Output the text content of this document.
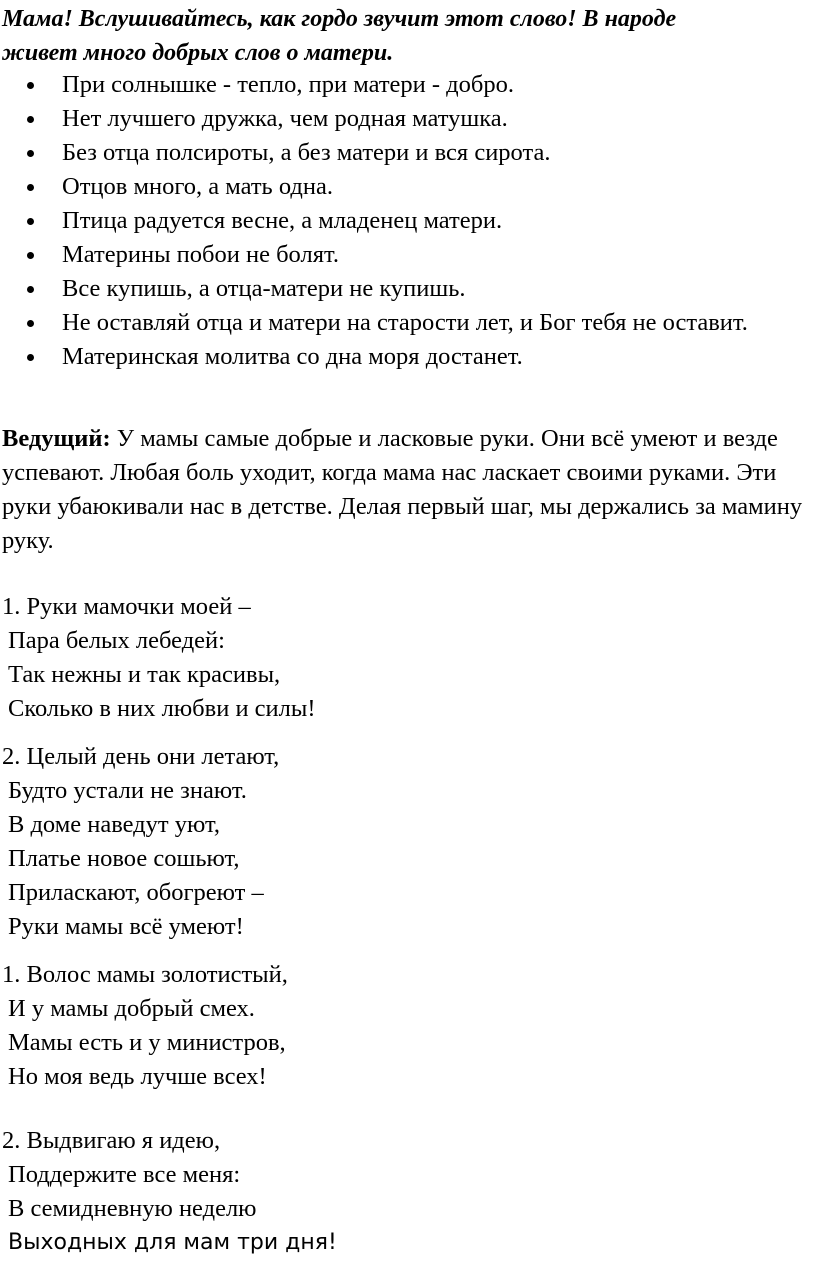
Мама! Вслушивайтесь, как гордо звучит этот слово! В народе
живет много добрых слов о матери.
При солнышке - тепло, при матери - добро.
Нет лучшего дружка, чем родная матушка.
Без отца полсироты, а без матери и вся сирота.
Отцов много, а мать одна.
Птица радуется весне, а младенец матери.
Материны побои не болят.
Все купишь, а отца-матери не купишь.
Не оставляй отца и матери на старости лет, и Бог тебя не оставит.
Материнская молитва со дна моря достанет.
Ведущий: У мамы самые добрые и ласковые руки. Они всё умеют и везде успевают. Любая боль уходит, когда мама нас ласкает своими руками. Эти руки убаюкивали нас в детстве. Делая первый шаг, мы держались за мамину руку.
1. Руки мамочки моей –
Пара белых лебедей:
Так нежны и так красивы,
Сколько в них любви и силы!
2. Целый день они летают,
Будто устали не знают.
В доме наведут уют,
Платье новое сошьют,
Приласкают, обогреют –
Руки мамы всё умеют!
1. Волос мамы золотистый,
И у мамы добрый смех.
Мамы есть и у министров,
Но моя ведь лучше всех!
2. Выдвигаю я идею,
Поддержите все меня:
В семидневную неделю
Выходных для мам три дня!
